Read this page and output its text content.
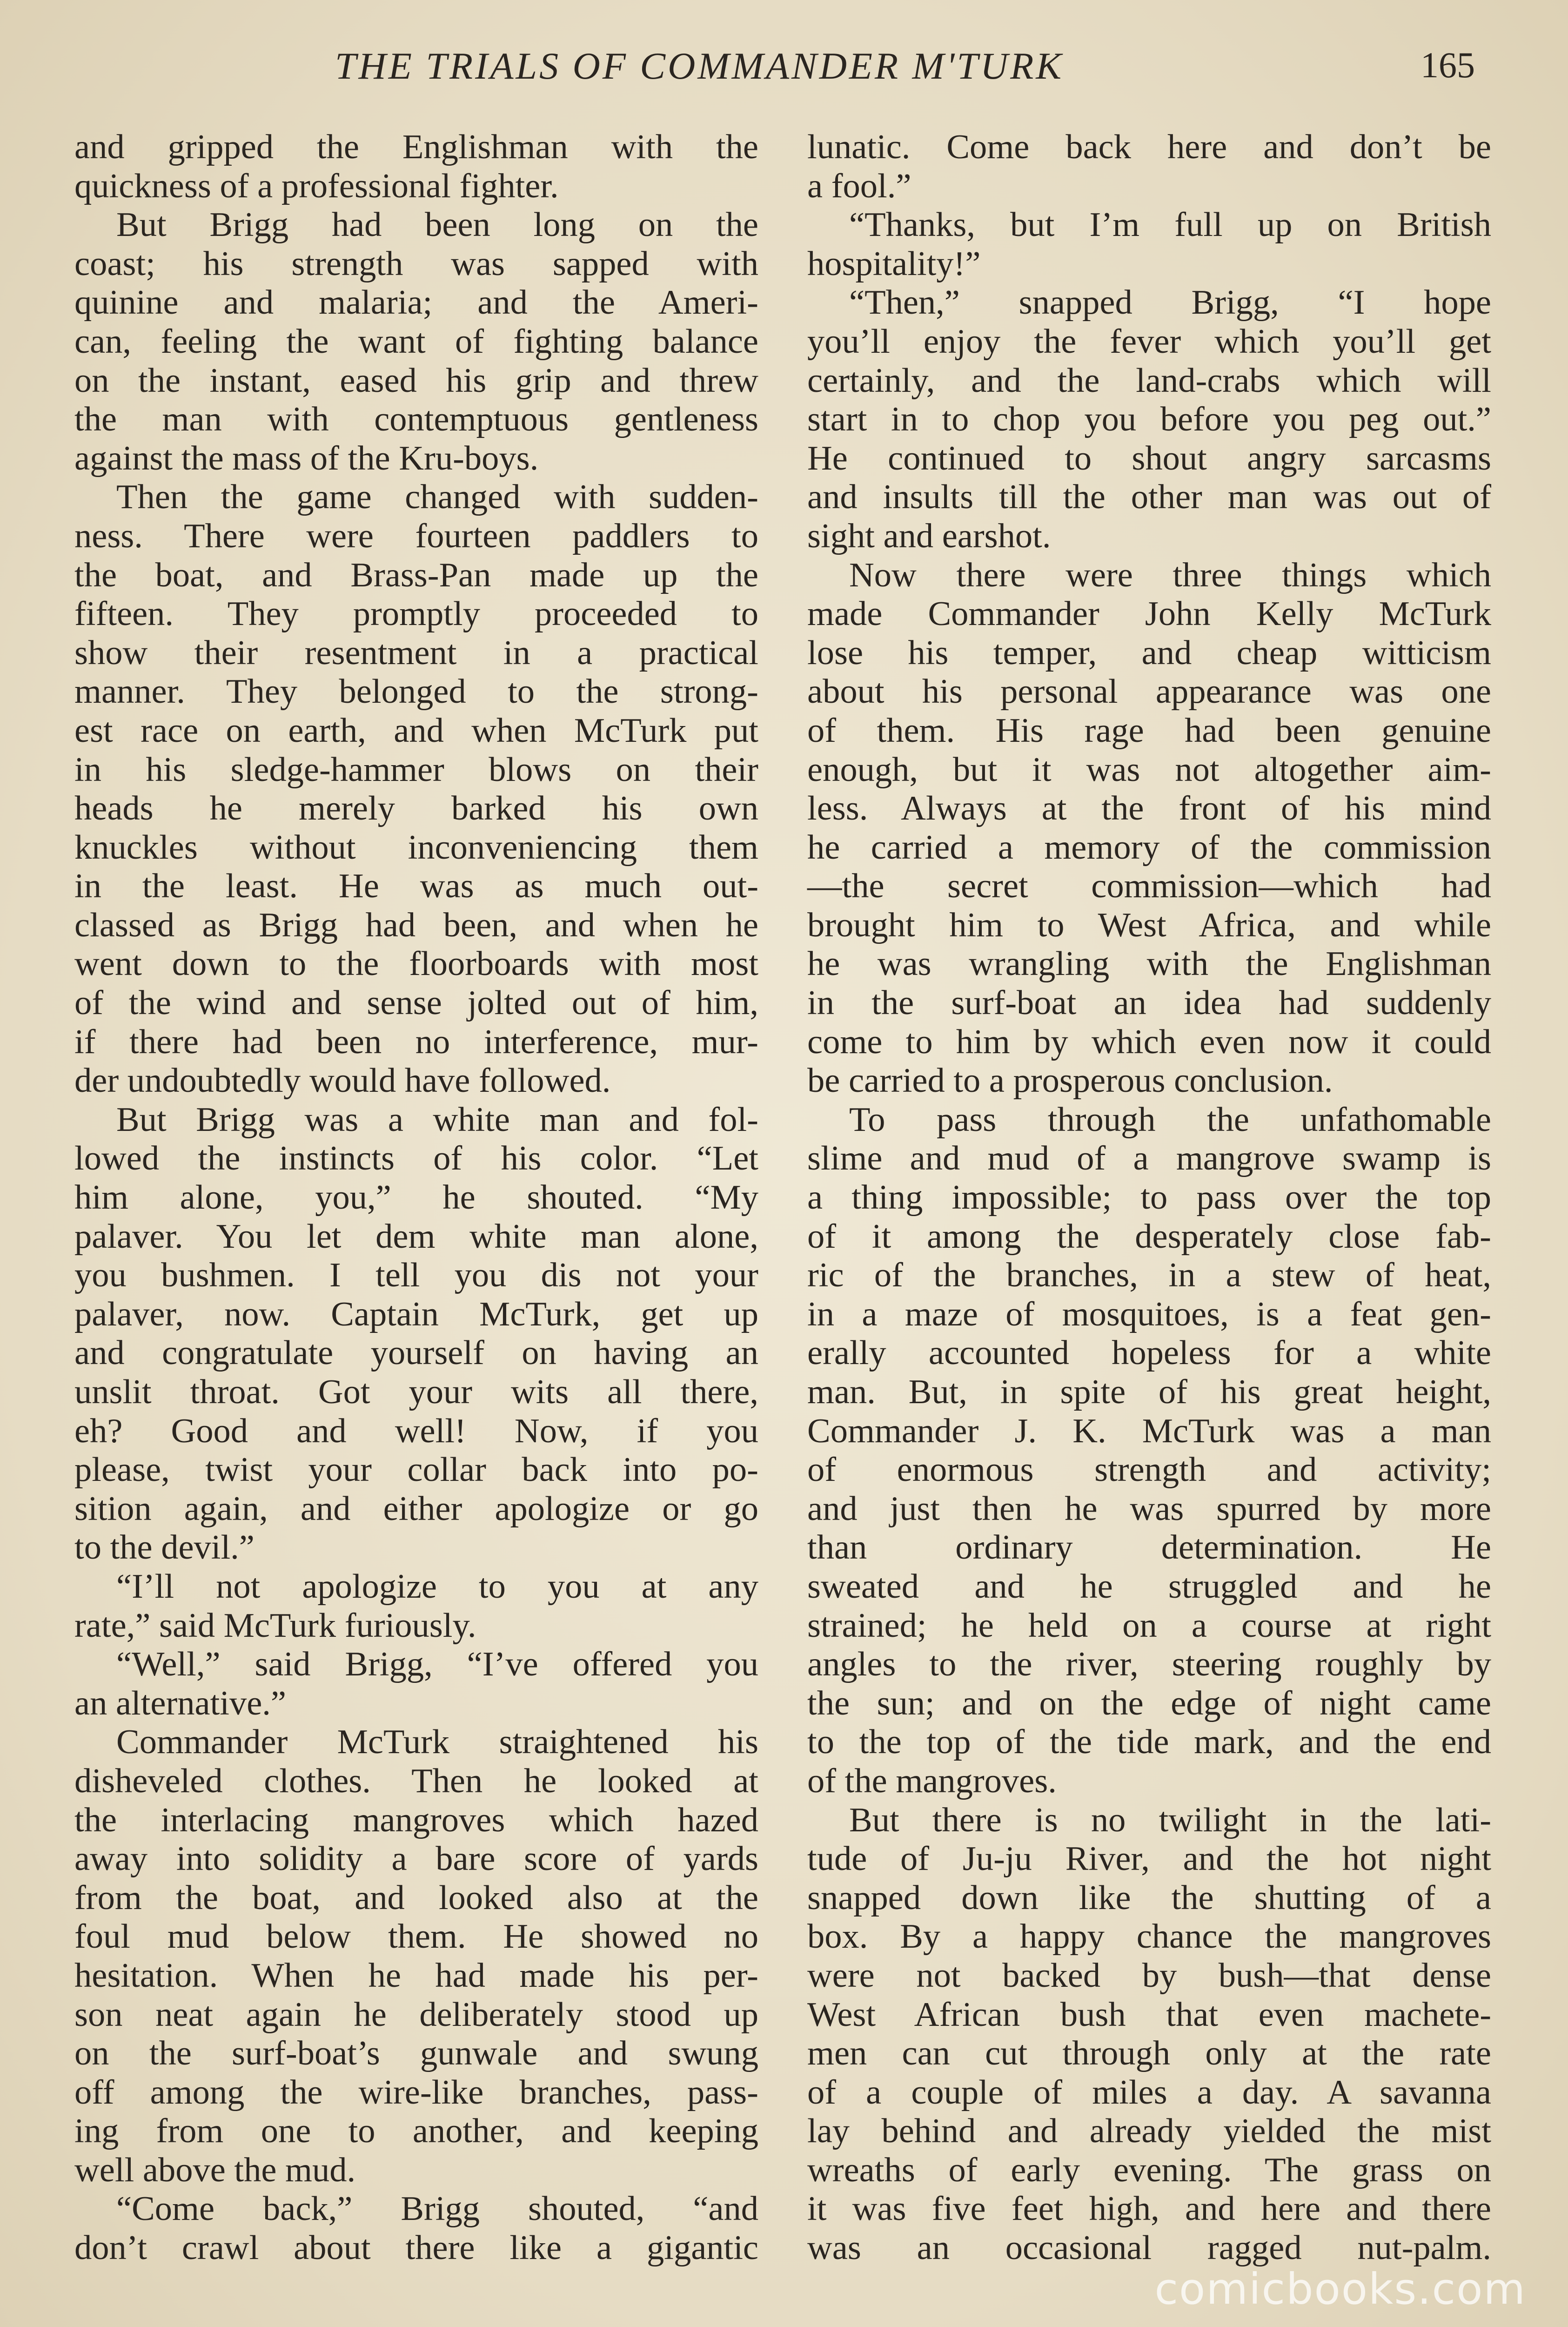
THE TRIALS OF COMMANDER M'TURK	165
and gripped the Englishman with the
quickness of a professional fighter.
But Brigg had been long on the
coast; his strength was sapped with
quinine and malaria; and the Ameri-
can, feeling the want of fighting balance
on the instant, eased his grip and threw
the man with contemptuous gentleness
against the mass of the Kru-boys.
Then the game changed with sudden-
ness. There were fourteen paddlers to
the boat, and Brass-Pan made up the
fifteen. They promptly proceeded to
show their resentment in a practical
manner. They belonged to the strong-
est race on earth, and when McTurk put
in his sledge-hammer blows on their
heads he merely barked his own
knuckles without inconveniencing them
in the least. He was as much out-
classed as Brigg had been, and when he
went down to the floorboards with most
of the wind and sense jolted out of him,
if there had been no interference, mur-
der undoubtedly would have followed.
But Brigg was a white man and fol-
lowed the instincts of his color. “Let
him alone, you,” he shouted. “My
palaver. You let dem white man alone,
you bushmen. I tell you dis not your
palaver, now. Captain McTurk, get up
and congratulate yourself on having an
unslit throat. Got your wits all there,
eh? Good and well! Now, if you
please, twist your collar back into po-
sition again, and either apologize or go
to the devil.”
“I’ll not apologize to you at any
rate,” said McTurk furiously.
“Well,” said Brigg, “I’ve offered you
an alternative.”
Commander McTurk straightened his
disheveled clothes. Then he looked at
the interlacing mangroves which hazed
away into solidity a bare score of yards
from the boat, and looked also at the
foul mud below them. He showed no
hesitation. When he had made his per-
son neat again he deliberately stood up
on the surf-boat’s gunwale and swung
off among the wire-like branches, pass-
ing from one to another, and keeping
well above the mud.
“Come back,” Brigg shouted, “and
don’t crawl about there like a gigantic
lunatic. Come back here and don’t be
a fool.”
“Thanks, but I’m full up on British
hospitality!”
“Then,” snapped Brigg, “I hope
you’ll enjoy the fever which you’ll get
certainly, and the land-crabs which will
start in to chop you before you peg out.”
He continued to shout angry sarcasms
and insults till the other man was out of
sight and earshot.
Now there were three things which
made Commander John Kelly McTurk
lose his temper, and cheap witticism
about his personal appearance was one
of them. His rage had been genuine
enough, but it was not altogether aim-
less. Always at the front of his mind
he carried a memory of the commission
—the secret commission—which had
brought him to West Africa, and while
he was wrangling with the Englishman
in the surf-boat an idea had suddenly
come to him by which even now it could
be carried to a prosperous conclusion.
To pass through the unfathomable
slime and mud of a mangrove swamp is
a thing impossible; to pass over the top
of it among the desperately close fab-
ric of the branches, in a stew of heat,
in a maze of mosquitoes, is a feat gen-
erally accounted hopeless for a white
man. But, in spite of his great height,
Commander J. K. McTurk was a man
of enormous strength and activity;
and just then he was spurred by more
than ordinary determination. He
sweated and he struggled and he
strained; he held on a course at right
angles to the river, steering roughly by
the sun; and on the edge of night came
to the top of the tide mark, and the end
of the mangroves.
But there is no twilight in the lati-
tude of Ju-ju River, and the hot night
snapped down like the shutting of a
box. By a happy chance the mangroves
were not backed by bush—that dense
West African bush that even machete-
men can cut through only at the rate
of a couple of miles a day. A savanna
lay behind and already yielded the mist
wreaths of early evening. The grass on
it was five feet high, and here and there
was an occasional ragged nut-palm.
comicbooks.com
